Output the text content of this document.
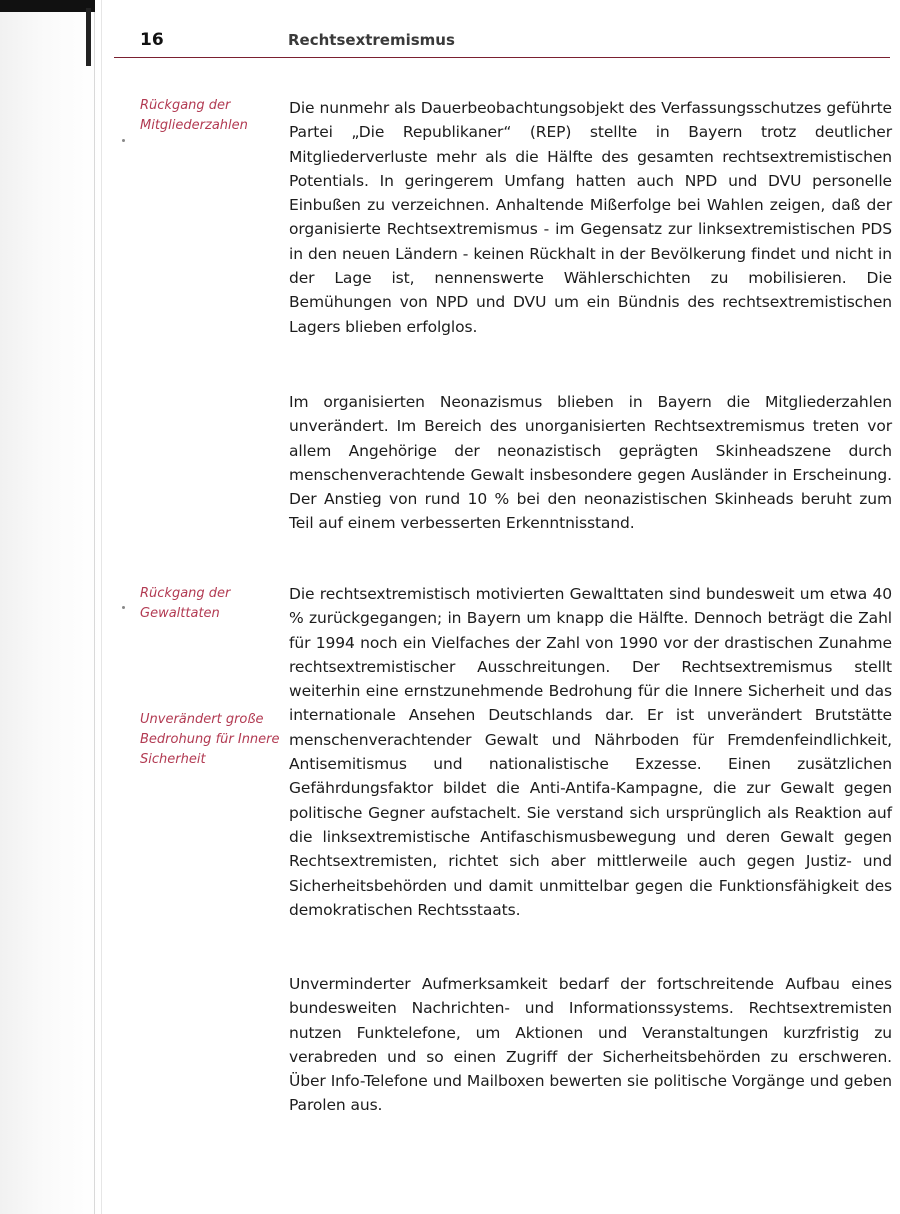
16	Rechtsextremismus
Rückgang der Mitgliederzahlen
Rückgang der Gewalttaten
Unverändert große Bedrohung für Innere Sicherheit

Die nunmehr als Dauerbeobachtungsobjekt des Verfassungsschutzes geführte Partei „Die Republikaner“ (REP) stellte in Bayern trotz deutlicher Mitgliederverluste mehr als die Hälfte des gesamten rechtsextremistischen Potentials. In geringerem Umfang hatten auch NPD und DVU personelle Einbußen zu verzeichnen. Anhaltende Mißerfolge bei Wahlen zeigen, daß der organisierte Rechtsextremismus - im Gegensatz zur linksextremistischen PDS in den neuen Ländern - keinen Rückhalt in der Bevölkerung findet und nicht in der Lage ist, nennenswerte Wählerschichten zu mobilisieren. Die Bemühungen von NPD und DVU um ein Bündnis des rechtsextremistischen Lagers blieben erfolglos.

Im organisierten Neonazismus blieben in Bayern die Mitgliederzahlen unverändert. Im Bereich des unorganisierten Rechtsextremismus treten vor allem Angehörige der neonazistisch geprägten Skinheadszene durch menschenverachtende Gewalt insbesondere gegen Ausländer in Erscheinung. Der Anstieg von rund 10 % bei den neonazistischen Skinheads beruht zum Teil auf einem verbesserten Erkenntnisstand.

Die rechtsextremistisch motivierten Gewalttaten sind bundesweit um etwa 40 % zurückgegangen; in Bayern um knapp die Hälfte. Dennoch beträgt die Zahl für 1994 noch ein Vielfaches der Zahl von 1990 vor der drastischen Zunahme rechtsextremistischer Ausschreitungen. Der Rechtsextremismus stellt weiterhin eine ernstzunehmende Bedrohung für die Innere Sicherheit und das internationale Ansehen Deutschlands dar. Er ist unverändert Brutstätte menschenverachtender Gewalt und Nährboden für Fremdenfeindlichkeit, Antisemitismus und nationalistische Exzesse. Einen zusätzlichen Gefährdungsfaktor bildet die Anti-Antifa-Kampagne, die zur Gewalt gegen politische Gegner aufstachelt. Sie verstand sich ursprünglich als Reaktion auf die linksextremistische Antifaschismusbewegung und deren Gewalt gegen Rechtsextremisten, richtet sich aber mittlerweile auch gegen Justiz- und Sicherheitsbehörden und damit unmittelbar gegen die Funktionsfähigkeit des demokratischen Rechtsstaats.

Unverminderter Aufmerksamkeit bedarf der fortschreitende Aufbau eines bundesweiten Nachrichten- und Informationssystems. Rechtsextremisten nutzen Funktelefone, um Aktionen und Veranstaltungen kurzfristig zu verabreden und so einen Zugriff der Sicherheitsbehörden zu erschweren. Über Info-Telefone und Mailboxen bewerten sie politische Vorgänge und geben Parolen aus.
